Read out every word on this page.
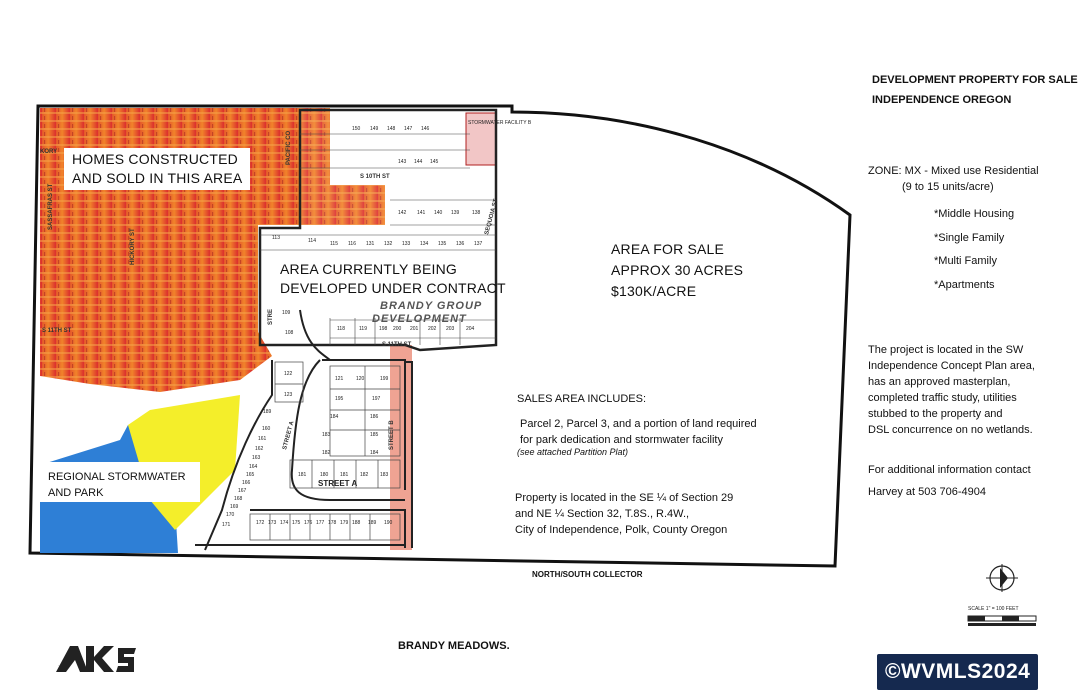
S 10TH ST
S 11TH ST
S 11TH ST
STREET A
STREET A	STREET B
HICKORY ST
SASSAFRAS ST
PACIFIC CO
SEQUOIA ST
KORY
STRE
STORMWATER FACILITY B
150 149 148 147 146
143 144 145
142 141 140 139	138
113	114	115 116 131 132 133 134 135 136 137
118	119 198 200 201 202 203 204
109
108
122
123
121	120	199
195	197
184	186
183	185
182	184
181	180 181 182 183
189
160
161
162
163
164
165
166
167
168
169
170
171	172 173 174 175 176 177 178 179 188 189 190
SCALE 1" = 100 FEET
AKS
DEVELOPMENT PROPERTY FOR SALE
INDEPENDENCE OREGON
ZONE: MX - Mixed use Residential
(9 to 15 units/acre)
*Middle Housing
*Single Family
*Multi Family
*Apartments
The project is located in the SW
Independence Concept Plan area,
has an approved masterplan,
completed traffic study, utilities
stubbed to the property and
DSL concurrence on no wetlands.
For additional information contact
Harvey at 503 706-4904
HOMES CONSTRUCTED
AND SOLD IN THIS AREA
AREA CURRENTLY BEING
DEVELOPED UNDER CONTRACT
BRANDY GROUP
DEVELOPMENT
AREA FOR SALE
APPROX 30 ACRES
$130K/ACRE
SALES AREA INCLUDES:
Parcel 2, Parcel 3, and a portion of land required
for park dedication and stormwater facility
(see attached Partition Plat)
Property is located in the SE ¼ of Section 29
and NE ¼ Section 32, T.8S., R.4W.,
City of Independence, Polk, County Oregon
REGIONAL STORMWATER
AND PARK
NORTH/SOUTH COLLECTOR
BRANDY MEADOWS.
©WVMLS2024
